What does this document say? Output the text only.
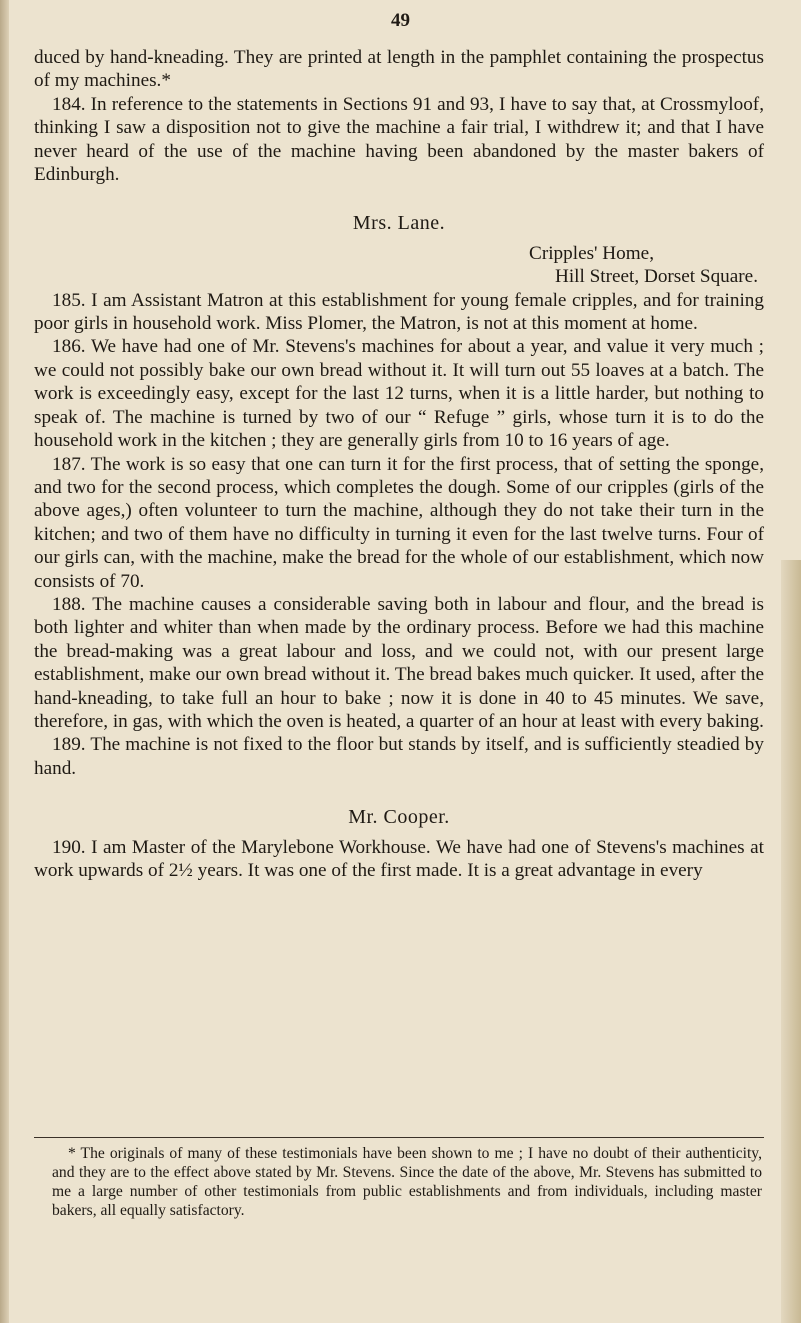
49

duced by hand-kneading. They are printed at length in the pamphlet containing the prospectus of my machines.*

184. In reference to the statements in Sections 91 and 93, I have to say that, at Crossmyloof, thinking I saw a disposition not to give the machine a fair trial, I withdrew it; and that I have never heard of the use of the machine having been abandoned by the master bakers of Edinburgh.

Mrs. Lane.

Cripples' Home,

Hill Street, Dorset Square.

185. I am Assistant Matron at this establishment for young female cripples, and for training poor girls in household work. Miss Plomer, the Matron, is not at this moment at home.

186. We have had one of Mr. Stevens's machines for about a year, and value it very much ; we could not possibly bake our own bread without it. It will turn out 55 loaves at a batch. The work is exceedingly easy, except for the last 12 turns, when it is a little harder, but nothing to speak of. The machine is turned by two of our “ Refuge ” girls, whose turn it is to do the household work in the kitchen ; they are generally girls from 10 to 16 years of age.

187. The work is so easy that one can turn it for the first process, that of setting the sponge, and two for the second process, which completes the dough. Some of our cripples (girls of the above ages,) often volunteer to turn the machine, although they do not take their turn in the kitchen; and two of them have no difficulty in turning it even for the last twelve turns. Four of our girls can, with the machine, make the bread for the whole of our establishment, which now consists of 70.

188. The machine causes a considerable saving both in labour and flour, and the bread is both lighter and whiter than when made by the ordinary process. Before we had this machine the bread-making was a great labour and loss, and we could not, with our present large establishment, make our own bread without it. The bread bakes much quicker. It used, after the hand-kneading, to take full an hour to bake ; now it is done in 40 to 45 minutes. We save, therefore, in gas, with which the oven is heated, a quarter of an hour at least with every baking.

189. The machine is not fixed to the floor but stands by itself, and is sufficiently steadied by hand.

Mr. Cooper.

190. I am Master of the Marylebone Workhouse. We have had one of Stevens's machines at work upwards of 2½ years. It was one of the first made. It is a great advantage in every

* The originals of many of these testimonials have been shown to me ; I have no doubt of their authenticity, and they are to the effect above stated by Mr. Stevens. Since the date of the above, Mr. Stevens has submitted to me a large number of other testimonials from public establishments and from individuals, including master bakers, all equally satisfactory.
